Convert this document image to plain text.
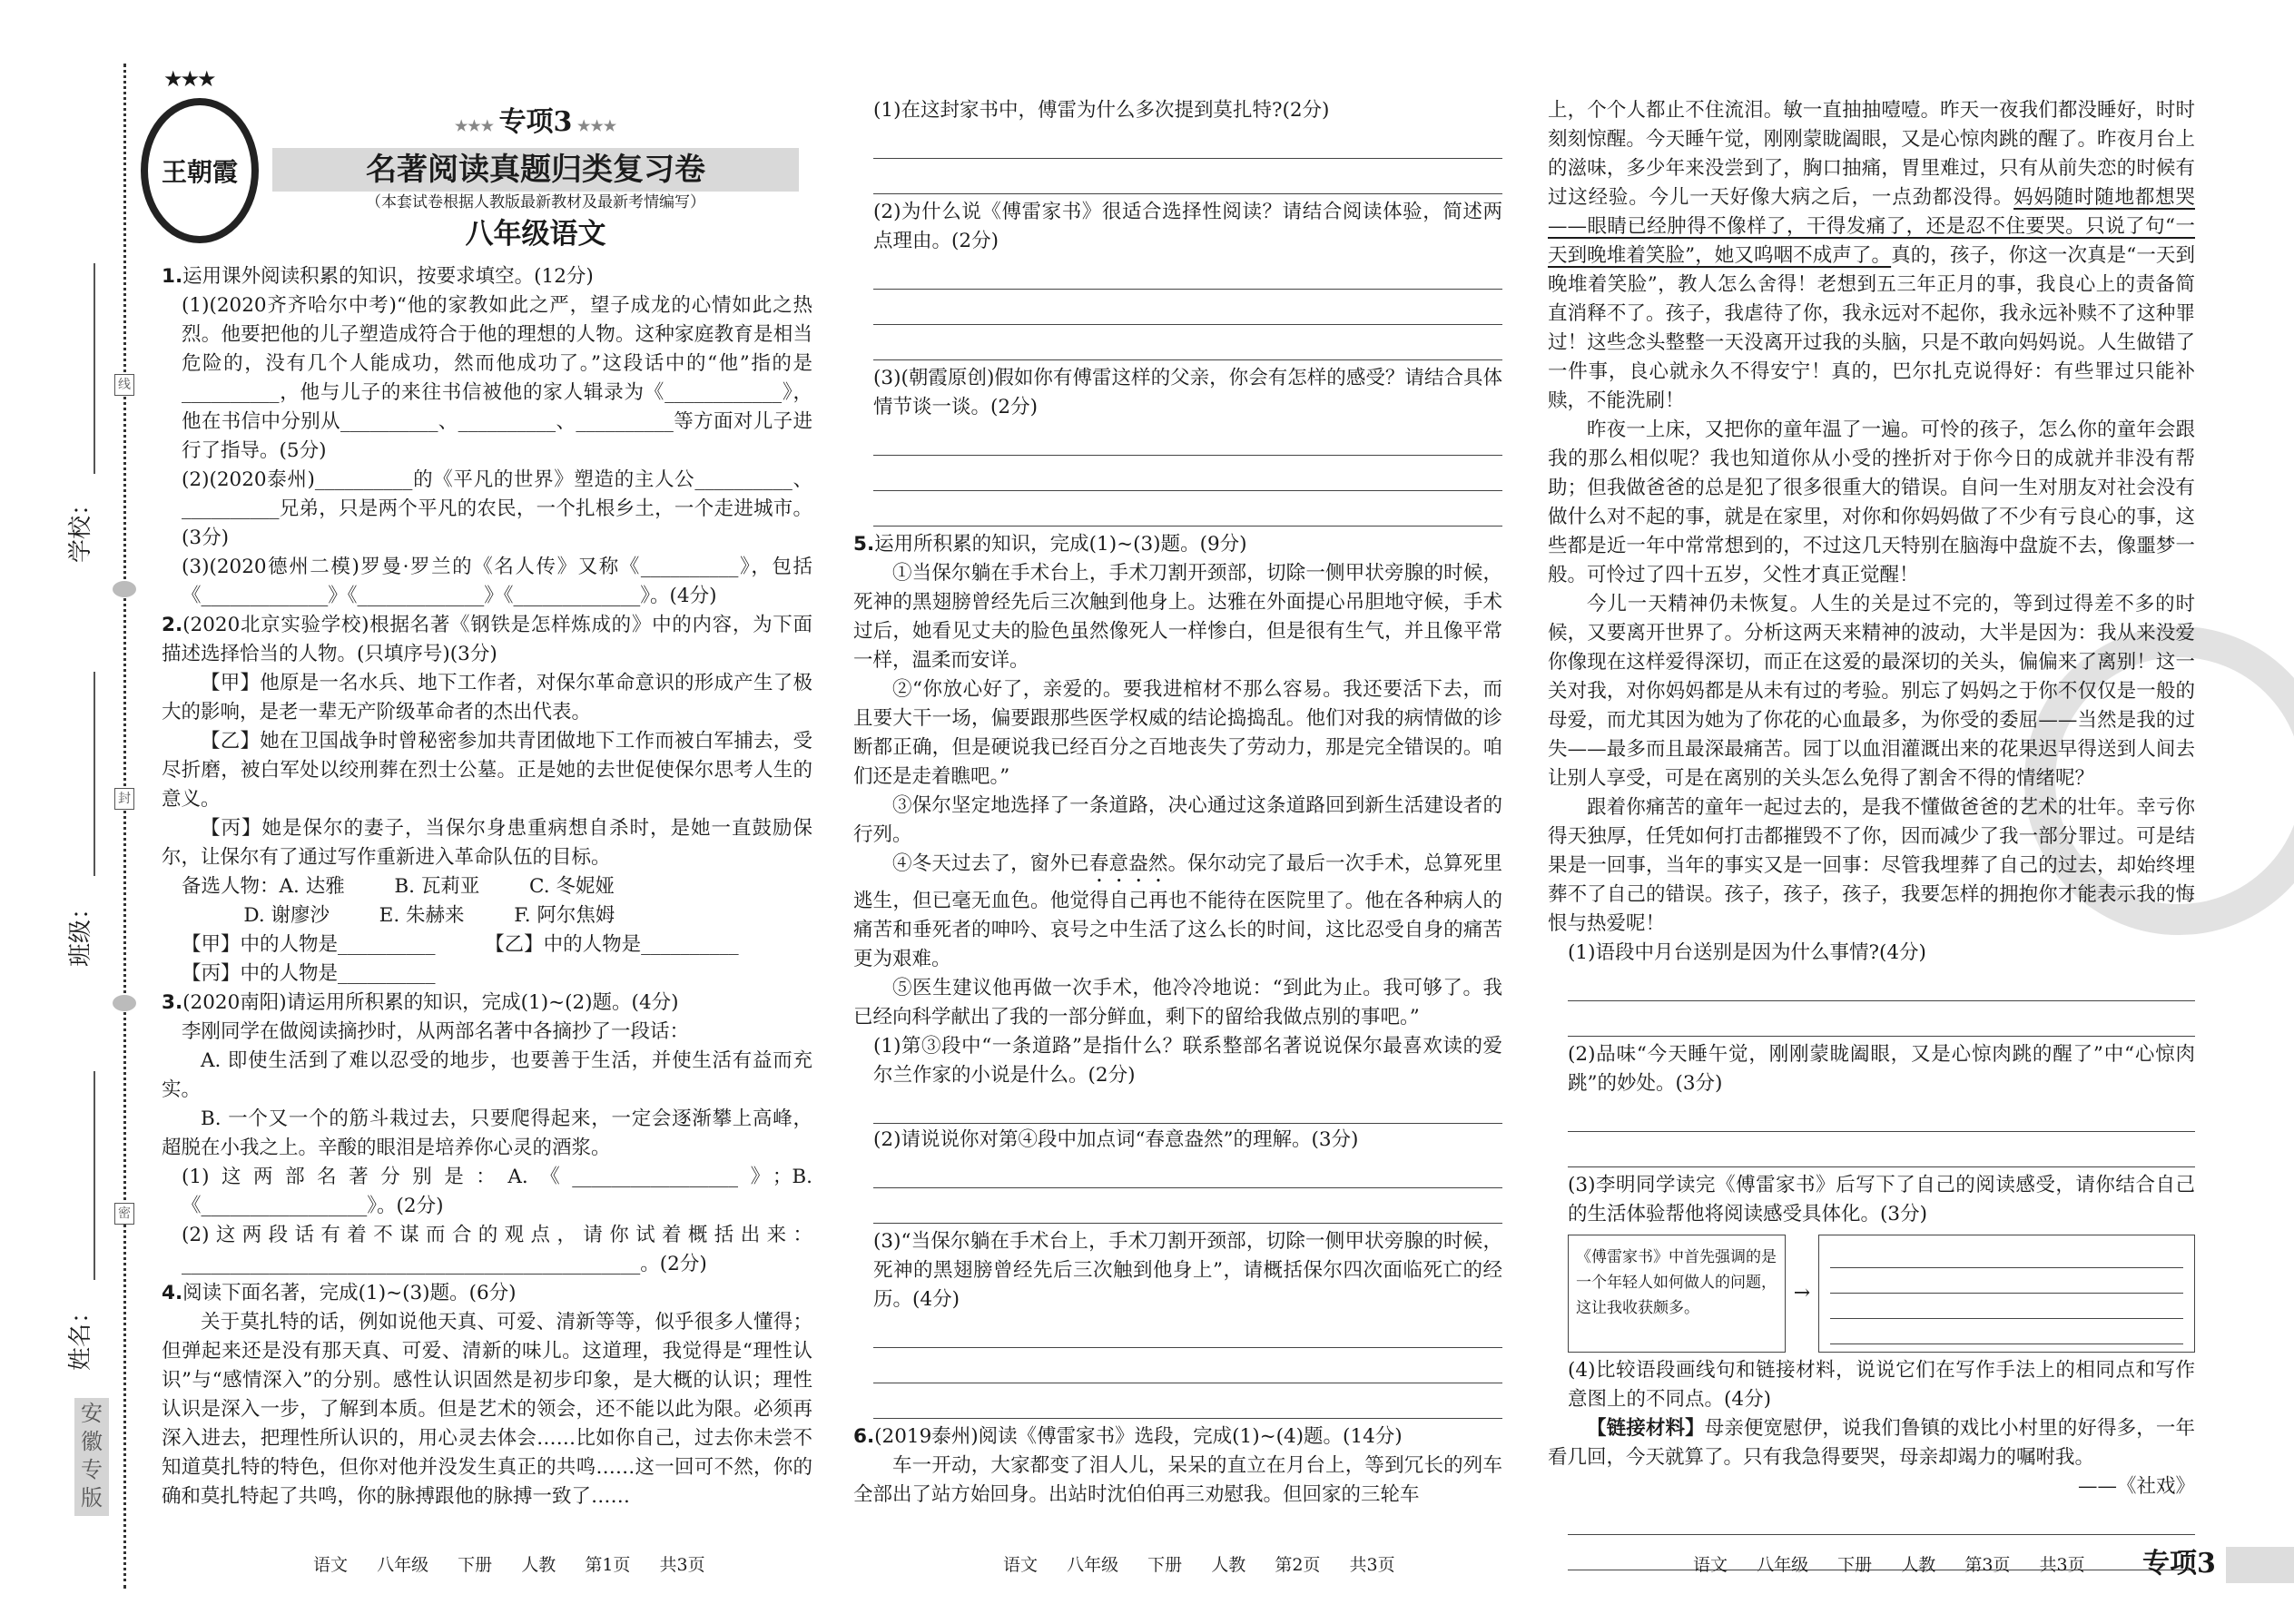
线
封
密
学校：
班级：
姓名：
安徽专版
王朝霞
★★★
★★★ 专项3 ★★★
名著阅读真题归类复习卷
（本套试卷根据人教版最新教材及最新考情编写）
八年级语文

1.运用课外阅读积累的知识，按要求填空。(12分)

(1)(2020齐齐哈尔中考)“他的家教如此之严，望子成龙的心情如此之热烈。他要把他的儿子塑造成符合于他的理想的人物。这种家庭教育是相当危险的，没有几个人能成功，然而他成功了。”这段话中的“他”指的是__________，他与儿子的来往书信被他的家人辑录为《____________》，他在书信中分别从__________、__________、__________等方面对儿子进行了指导。(5分)

(2)(2020泰州)__________的《平凡的世界》塑造的主人公__________、__________兄弟，只是两个平凡的农民，一个扎根乡土，一个走进城市。(3分)

(3)(2020德州二模)罗曼·罗兰的《名人传》又称《__________》，包括《_____________》《_____________》《_____________》。(4分)

2.(2020北京实验学校)根据名著《钢铁是怎样炼成的》中的内容，为下面描述选择恰当的人物。(只填序号)(3分)

【甲】他原是一名水兵、地下工作者，对保尔革命意识的形成产生了极大的影响，是老一辈无产阶级革命者的杰出代表。

【乙】她在卫国战争时曾秘密参加共青团做地下工作而被白军捕去，受尽折磨，被白军处以绞刑葬在烈士公墓。正是她的去世促使保尔思考人生的意义。

【丙】她是保尔的妻子，当保尔身患重病想自杀时，是她一直鼓励保尔，让保尔有了通过写作重新进入革命队伍的目标。

备选人物：A. 达雅        B. 瓦莉亚        C. 冬妮娅

D. 谢廖沙        E. 朱赫来        F. 阿尔焦姆

【甲】中的人物是__________        【乙】中的人物是__________

【丙】中的人物是__________

3.(2020南阳)请运用所积累的知识，完成(1)~(2)题。(4分)

李刚同学在做阅读摘抄时，从两部名著中各摘抄了一段话：

A. 即使生活到了难以忍受的地步，也要善于生活，并使生活有益而充实。

B. 一个又一个的筋斗栽过去，只要爬得起来，一定会逐渐攀上高峰，超脱在小我之上。辛酸的眼泪是培养你心灵的酒浆。

(1)这两部名著分别是：A.《_________________》；B.《_________________》。(2分)

(2)这两段话有着不谋而合的观点，请你试着概括出来：_______________________________________________。(2分)

4.阅读下面名著，完成(1)~(3)题。(6分)

关于莫扎特的话，例如说他天真、可爱、清新等等，似乎很多人懂得；但弹起来还是没有那天真、可爱、清新的味儿。这道理，我觉得是“理性认识”与“感情深入”的分别。感性认识固然是初步印象，是大概的认识；理性认识是深入一步，了解到本质。但是艺术的领会，还不能以此为限。必须再深入进去，把理性所认识的，用心灵去体会……比如你自己，过去你未尝不知道莫扎特的特色，但你对他并没发生真正的共鸣……这一回可不然，你的确和莫扎特起了共鸣，你的脉搏跟他的脉搏一致了……

(1)在这封家书中，傅雷为什么多次提到莫扎特?(2分)

(2)为什么说《傅雷家书》很适合选择性阅读？请结合阅读体验，简述两点理由。(2分)

(3)(朝霞原创)假如你有傅雷这样的父亲，你会有怎样的感受？请结合具体情节谈一谈。(2分)

5.运用所积累的知识，完成(1)~(3)题。(9分)

①当保尔躺在手术台上，手术刀割开颈部，切除一侧甲状旁腺的时候，死神的黑翅膀曾经先后三次触到他身上。达雅在外面提心吊胆地守候，手术过后，她看见丈夫的脸色虽然像死人一样惨白，但是很有生气，并且像平常一样，温柔而安详。

②“你放心好了，亲爱的。要我进棺材不那么容易。我还要活下去，而且要大干一场，偏要跟那些医学权威的结论捣捣乱。他们对我的病情做的诊断都正确，但是硬说我已经百分之百地丧失了劳动力，那是完全错误的。咱们还是走着瞧吧。”

③保尔坚定地选择了一条道路，决心通过这条道路回到新生活建设者的行列。

④冬天过去了，窗外已春意盎然。保尔动完了最后一次手术，总算死里逃生，但已毫无血色。他觉得自己再也不能待在医院里了。他在各种病人的痛苦和垂死者的呻吟、哀号之中生活了这么长的时间，这比忍受自身的痛苦更为艰难。

⑤医生建议他再做一次手术，他冷冷地说：“到此为止。我可够了。我已经向科学献出了我的一部分鲜血，剩下的留给我做点别的事吧。”

(1)第③段中“一条道路”是指什么？联系整部名著说说保尔最喜欢读的爱尔兰作家的小说是什么。(2分)

(2)请说说你对第④段中加点词“春意盎然”的理解。(3分)

(3)“当保尔躺在手术台上，手术刀割开颈部，切除一侧甲状旁腺的时候，死神的黑翅膀曾经先后三次触到他身上”，请概括保尔四次面临死亡的经历。(4分)

6.(2019泰州)阅读《傅雷家书》选段，完成(1)~(4)题。(14分)

车一开动，大家都变了泪人儿，呆呆的直立在月台上，等到冗长的列车全部出了站方始回身。出站时沈伯伯再三劝慰我。但回家的三轮车

上，个个人都止不住流泪。敏一直抽抽噎噎。昨天一夜我们都没睡好，时时刻刻惊醒。今天睡午觉，刚刚蒙眬阖眼，又是心惊肉跳的醒了。昨夜月台上的滋味，多少年来没尝到了，胸口抽痛，胃里难过，只有从前失恋的时候有过这经验。今儿一天好像大病之后，一点劲都没得。妈妈随时随地都想哭——眼睛已经肿得不像样了，干得发痛了，还是忍不住要哭。只说了句“一天到晚堆着笑脸”，她又呜咽不成声了。真的，孩子，你这一次真是“一天到晚堆着笑脸”，教人怎么舍得！老想到五三年正月的事，我良心上的责备简直消释不了。孩子，我虐待了你，我永远对不起你，我永远补赎不了这种罪过！这些念头整整一天没离开过我的头脑，只是不敢向妈妈说。人生做错了一件事，良心就永久不得安宁！真的，巴尔扎克说得好：有些罪过只能补赎，不能洗刷！

昨夜一上床，又把你的童年温了一遍。可怜的孩子，怎么你的童年会跟我的那么相似呢？我也知道你从小受的挫折对于你今日的成就并非没有帮助；但我做爸爸的总是犯了很多很重大的错误。自问一生对朋友对社会没有做什么对不起的事，就是在家里，对你和你妈妈做了不少有亏良心的事，这些都是近一年中常常想到的，不过这几天特别在脑海中盘旋不去，像噩梦一般。可怜过了四十五岁，父性才真正觉醒！

今儿一天精神仍未恢复。人生的关是过不完的，等到过得差不多的时候，又要离开世界了。分析这两天来精神的波动，大半是因为：我从来没爱你像现在这样爱得深切，而正在这爱的最深切的关头，偏偏来了离别！这一关对我，对你妈妈都是从未有过的考验。别忘了妈妈之于你不仅仅是一般的母爱，而尤其因为她为了你花的心血最多，为你受的委屈——当然是我的过失——最多而且最深最痛苦。园丁以血泪灌溉出来的花果迟早得送到人间去让别人享受，可是在离别的关头怎么免得了割舍不得的情绪呢？

跟着你痛苦的童年一起过去的，是我不懂做爸爸的艺术的壮年。幸亏你得天独厚，任凭如何打击都摧毁不了你，因而减少了我一部分罪过。可是结果是一回事，当年的事实又是一回事：尽管我埋葬了自己的过去，却始终埋葬不了自己的错误。孩子，孩子，孩子，我要怎样的拥抱你才能表示我的悔恨与热爱呢！

(1)语段中月台送别是因为什么事情?(4分)

(2)品味“今天睡午觉，刚刚蒙眬阖眼，又是心惊肉跳的醒了”中“心惊肉跳”的妙处。(3分)

(3)李明同学读完《傅雷家书》后写下了自己的阅读感受，请你结合自己的生活体验帮他将阅读感受具体化。(3分)

《傅雷家书》中首先强调的是一个年轻人如何做人的问题，这让我收获颇多。
→

(4)比较语段画线句和链接材料，说说它们在写作手法上的相同点和写作意图上的不同点。(4分)

【链接材料】母亲便宽慰伊，说我们鲁镇的戏比小村里的好得多，一年看几回，今天就算了。只有我急得要哭，母亲却竭力的嘱咐我。

——《社戏》

语文  八年级  下册  人教  第1页  共3页	语文  八年级  下册  人教  第2页  共3页	语文  八年级  下册  人教  第3页  共3页 专项3
